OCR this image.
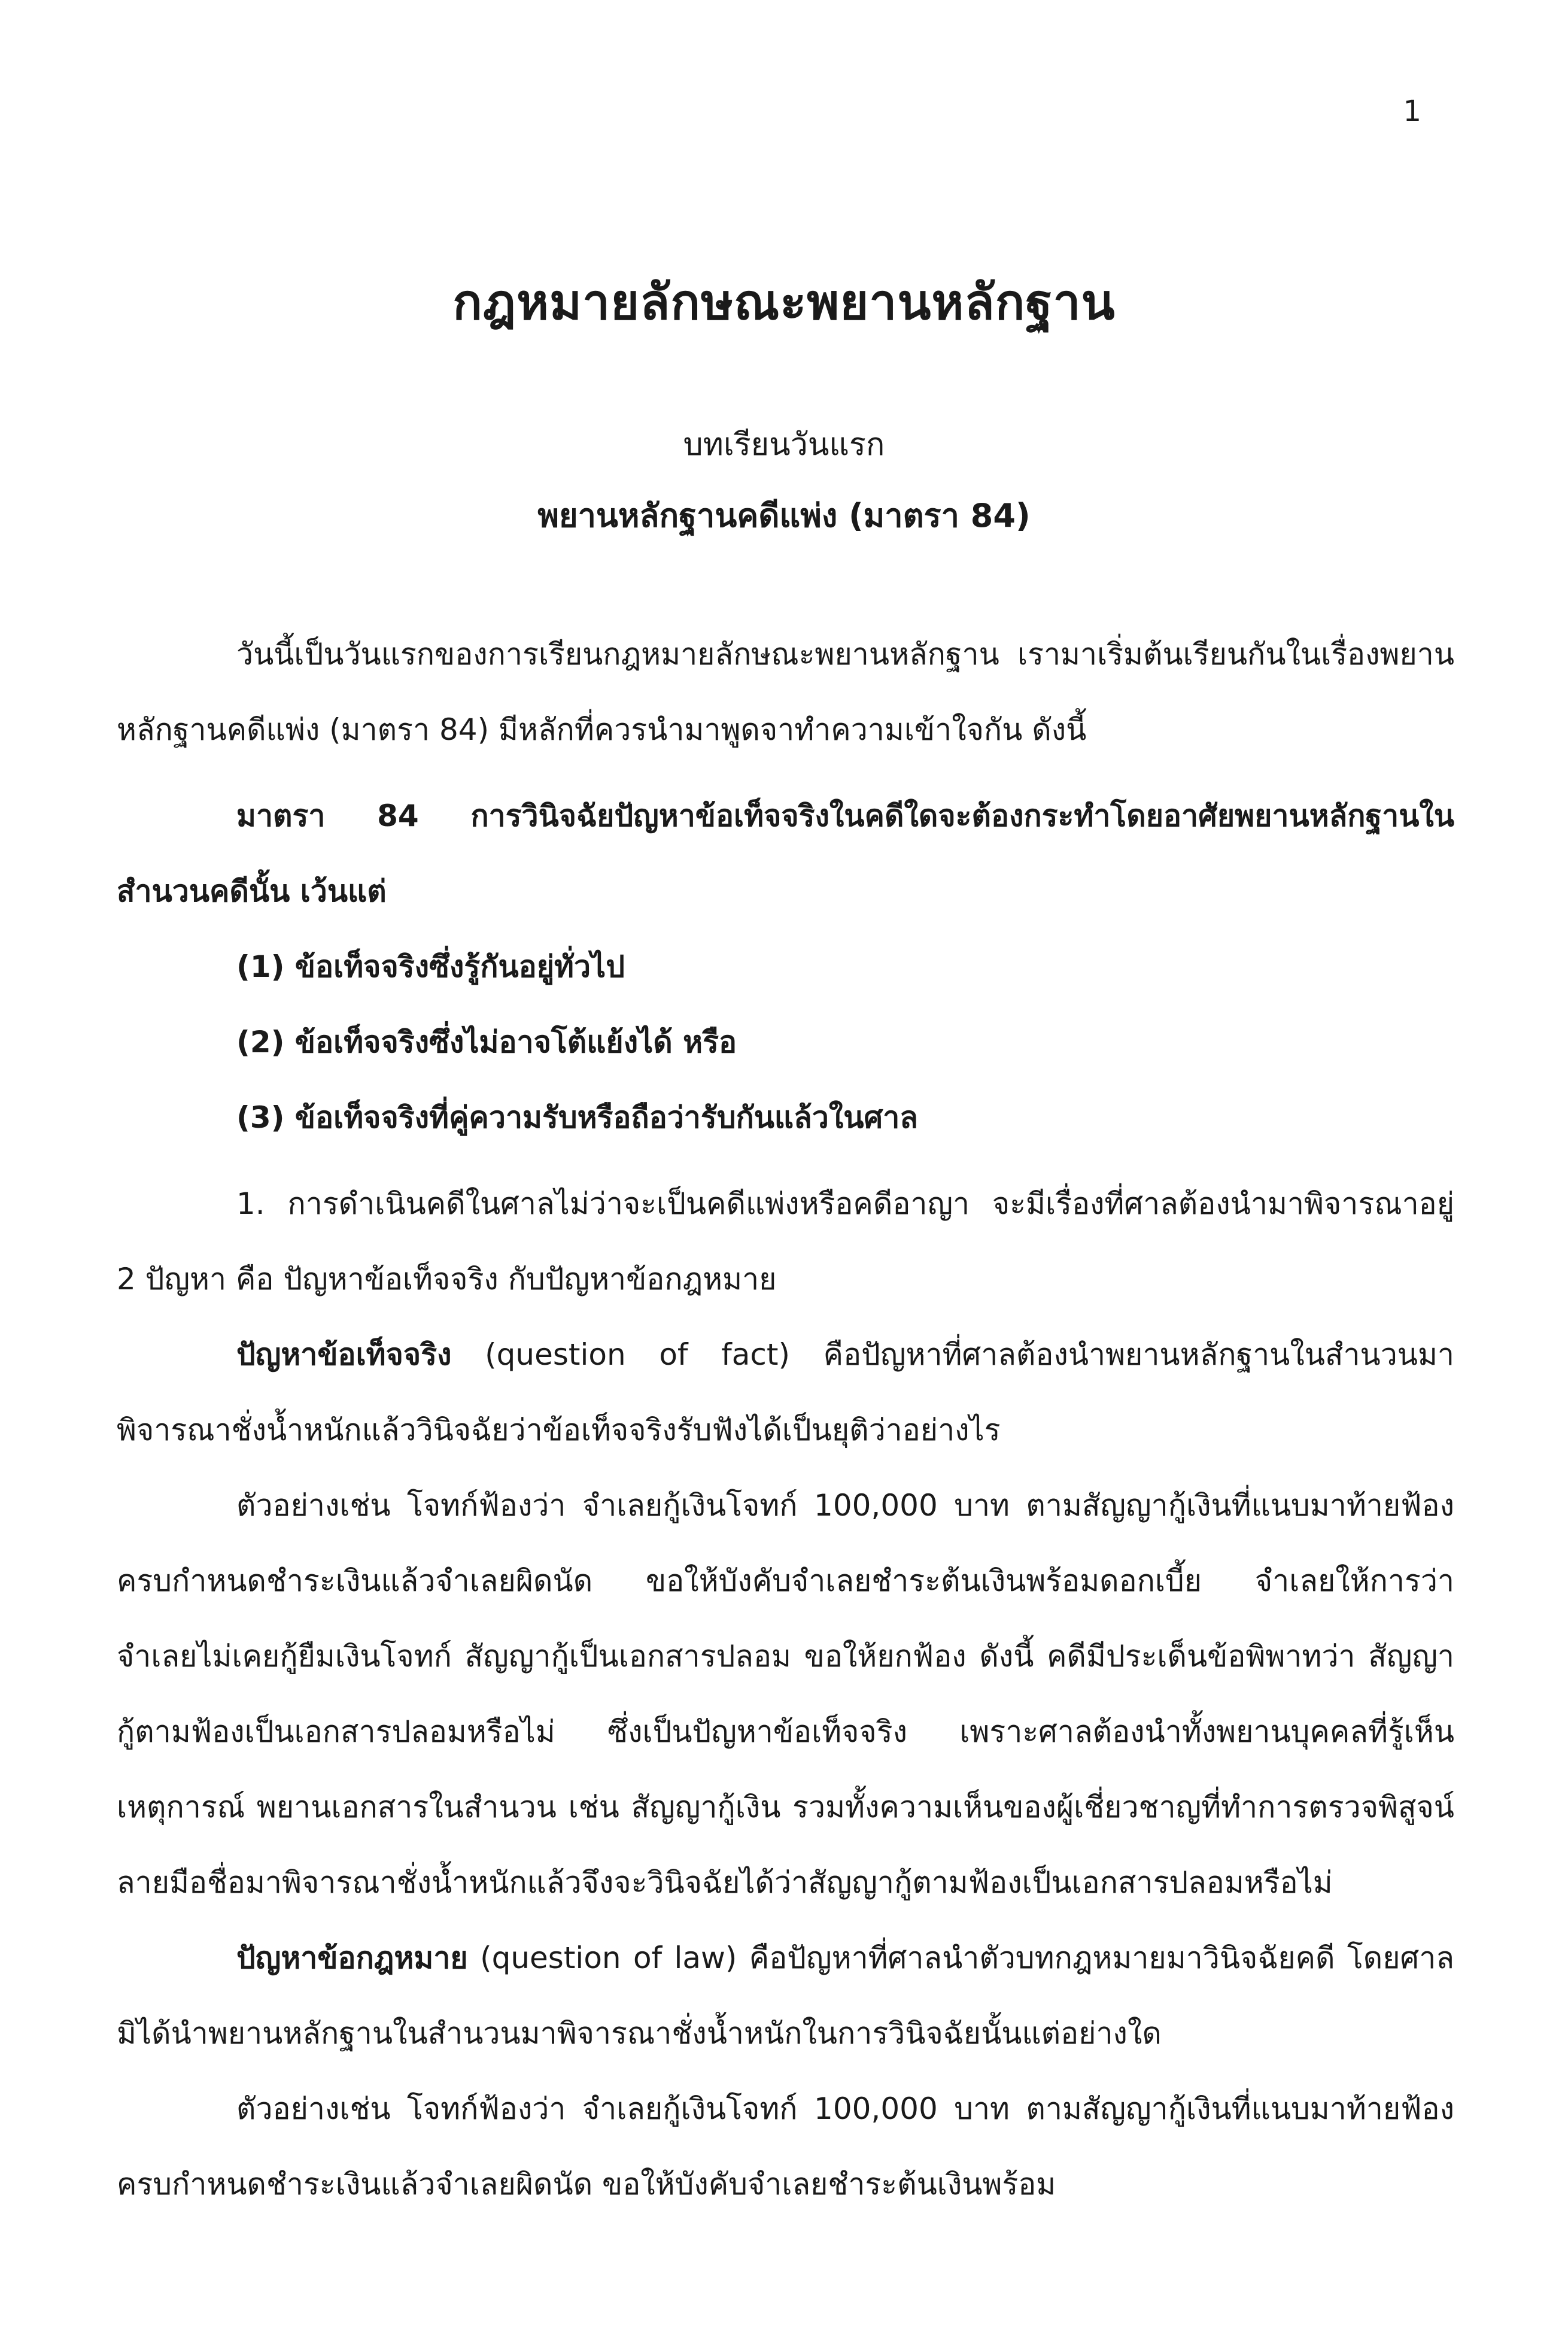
1
กฎหมายลักษณะพยานหลักฐาน
บทเรียนวันแรก
พยานหลักฐานคดีแพ่ง (มาตรา 84)

วันนี้เป็นวันแรกของการเรียนกฎหมายลักษณะพยานหลักฐาน เรามาเริ่มต้นเรียนกันในเรื่องพยานหลักฐานคดีแพ่ง (มาตรา 84) มีหลักที่ควรนำมาพูดจาทำความเข้าใจกัน ดังนี้

มาตรา 84 การวินิจฉัยปัญหาข้อเท็จจริงในคดีใดจะต้องกระทำโดยอาศัยพยานหลักฐานในสำนวนคดีนั้น เว้นแต่

(1) ข้อเท็จจริงซึ่งรู้กันอยู่ทั่วไป

(2) ข้อเท็จจริงซึ่งไม่อาจโต้แย้งได้ หรือ

(3) ข้อเท็จจริงที่คู่ความรับหรือถือว่ารับกันแล้วในศาล

1. การดำเนินคดีในศาลไม่ว่าจะเป็นคดีแพ่งหรือคดีอาญา จะมีเรื่องที่ศาลต้องนำมาพิจารณาอยู่ 2 ปัญหา คือ ปัญหาข้อเท็จจริง กับปัญหาข้อกฎหมาย

ปัญหาข้อเท็จจริง (question of fact) คือปัญหาที่ศาลต้องนำพยานหลักฐานในสำนวนมาพิจารณาชั่งน้ำหนักแล้ววินิจฉัยว่าข้อเท็จจริงรับฟังได้เป็นยุติว่าอย่างไร

ตัวอย่างเช่น โจทก์ฟ้องว่า จำเลยกู้เงินโจทก์ 100,000 บาท ตามสัญญากู้เงินที่แนบมาท้ายฟ้อง ครบกำหนดชำระเงินแล้วจำเลยผิดนัด ขอให้บังคับจำเลยชำระต้นเงินพร้อมดอกเบี้ย จำเลยให้การว่า จำเลยไม่เคยกู้ยืมเงินโจทก์ สัญญากู้เป็นเอกสารปลอม ขอให้ยกฟ้อง ดังนี้ คดีมีประเด็นข้อพิพาทว่า สัญญากู้ตามฟ้องเป็นเอกสารปลอมหรือไม่ ซึ่งเป็นปัญหาข้อเท็จจริง เพราะศาลต้องนำทั้งพยานบุคคลที่รู้เห็นเหตุการณ์ พยานเอกสารในสำนวน เช่น สัญญากู้เงิน รวมทั้งความเห็นของผู้เชี่ยวชาญที่ทำการตรวจพิสูจน์ลายมือชื่อมาพิจารณาชั่งน้ำหนักแล้วจึงจะวินิจฉัยได้ว่าสัญญากู้ตามฟ้องเป็นเอกสารปลอมหรือไม่

ปัญหาข้อกฎหมาย (question of law) คือปัญหาที่ศาลนำตัวบทกฎหมายมาวินิจฉัยคดี โดยศาลมิได้นำพยานหลักฐานในสำนวนมาพิจารณาชั่งน้ำหนักในการวินิจฉัยนั้นแต่อย่างใด

ตัวอย่างเช่น โจทก์ฟ้องว่า จำเลยกู้เงินโจทก์ 100,000 บาท ตามสัญญากู้เงินที่แนบมาท้ายฟ้อง ครบกำหนดชำระเงินแล้วจำเลยผิดนัด ขอให้บังคับจำเลยชำระต้นเงินพร้อม
